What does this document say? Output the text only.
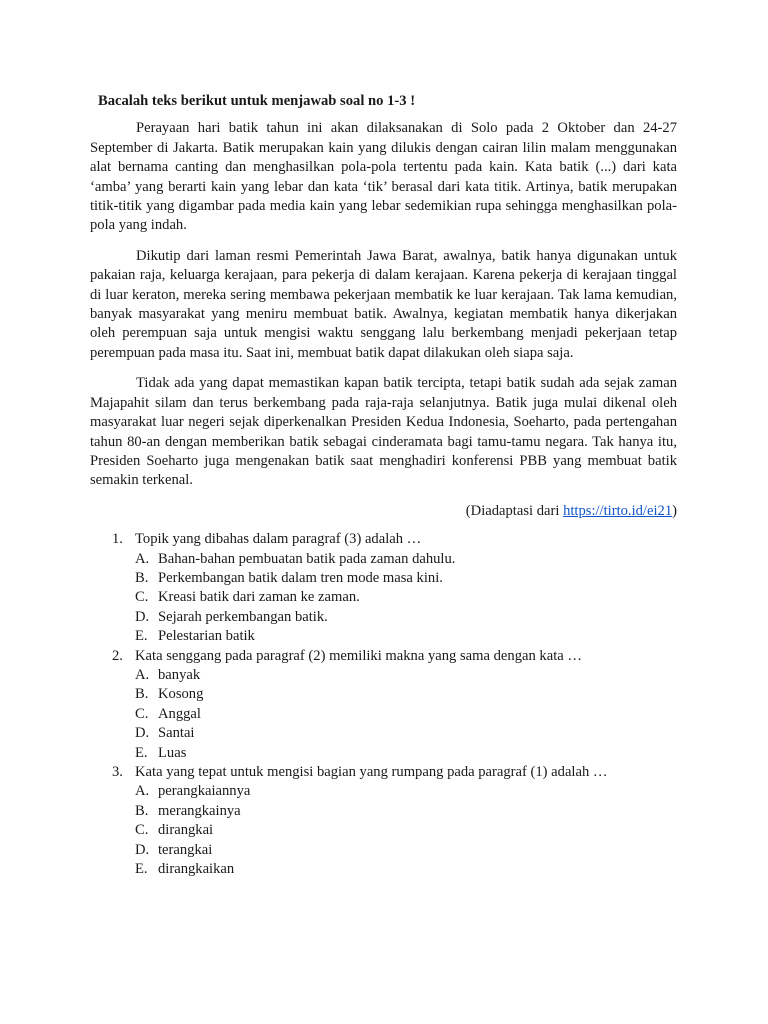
Bacalah teks berikut untuk menjawab soal no 1-3 !

Perayaan hari batik tahun ini akan dilaksanakan di Solo pada 2 Oktober dan 24-27 September di Jakarta. Batik merupakan kain yang dilukis dengan cairan lilin malam menggunakan alat bernama canting dan menghasilkan pola-pola tertentu pada kain. Kata batik (...) dari kata ‘amba’ yang berarti kain yang lebar dan kata ‘tik’ berasal dari kata titik. Artinya, batik merupakan titik-titik yang digambar pada media kain yang lebar sedemikian rupa sehingga menghasilkan pola-pola yang indah.

Dikutip dari laman resmi Pemerintah Jawa Barat, awalnya, batik hanya digunakan untuk pakaian raja, keluarga kerajaan, para pekerja di dalam kerajaan. Karena pekerja di kerajaan tinggal di luar keraton, mereka sering membawa pekerjaan membatik ke luar kerajaan. Tak lama kemudian, banyak masyarakat yang meniru membuat batik. Awalnya, kegiatan membatik hanya dikerjakan oleh perempuan saja untuk mengisi waktu senggang lalu berkembang menjadi pekerjaan tetap perempuan pada masa itu. Saat ini, membuat batik dapat dilakukan oleh siapa saja.

Tidak ada yang dapat memastikan kapan batik tercipta, tetapi batik sudah ada sejak zaman Majapahit silam dan terus berkembang pada raja-raja selanjutnya. Batik juga mulai dikenal oleh masyarakat luar negeri sejak diperkenalkan Presiden Kedua Indonesia, Soeharto, pada pertengahan tahun 80-an dengan memberikan batik sebagai cinderamata bagi tamu-tamu negara. Tak hanya itu, Presiden Soeharto juga mengenakan batik saat menghadiri konferensi PBB yang membuat batik semakin terkenal.

(Diadaptasi dari https://tirto.id/ei21)
1. Topik yang dibahas dalam paragraf (3) adalah …
A. Bahan-bahan pembuatan batik pada zaman dahulu.
B. Perkembangan batik dalam tren mode masa kini.
C. Kreasi batik dari zaman ke zaman.
D. Sejarah perkembangan batik.
E. Pelestarian batik
2. Kata senggang pada paragraf (2) memiliki makna yang sama dengan kata …
A. banyak
B. Kosong
C. Anggal
D. Santai
E. Luas
3. Kata yang tepat untuk mengisi bagian yang rumpang pada paragraf (1) adalah …
A. perangkaiannya
B. merangkainya
C. dirangkai
D. terangkai
E. dirangkaikan
